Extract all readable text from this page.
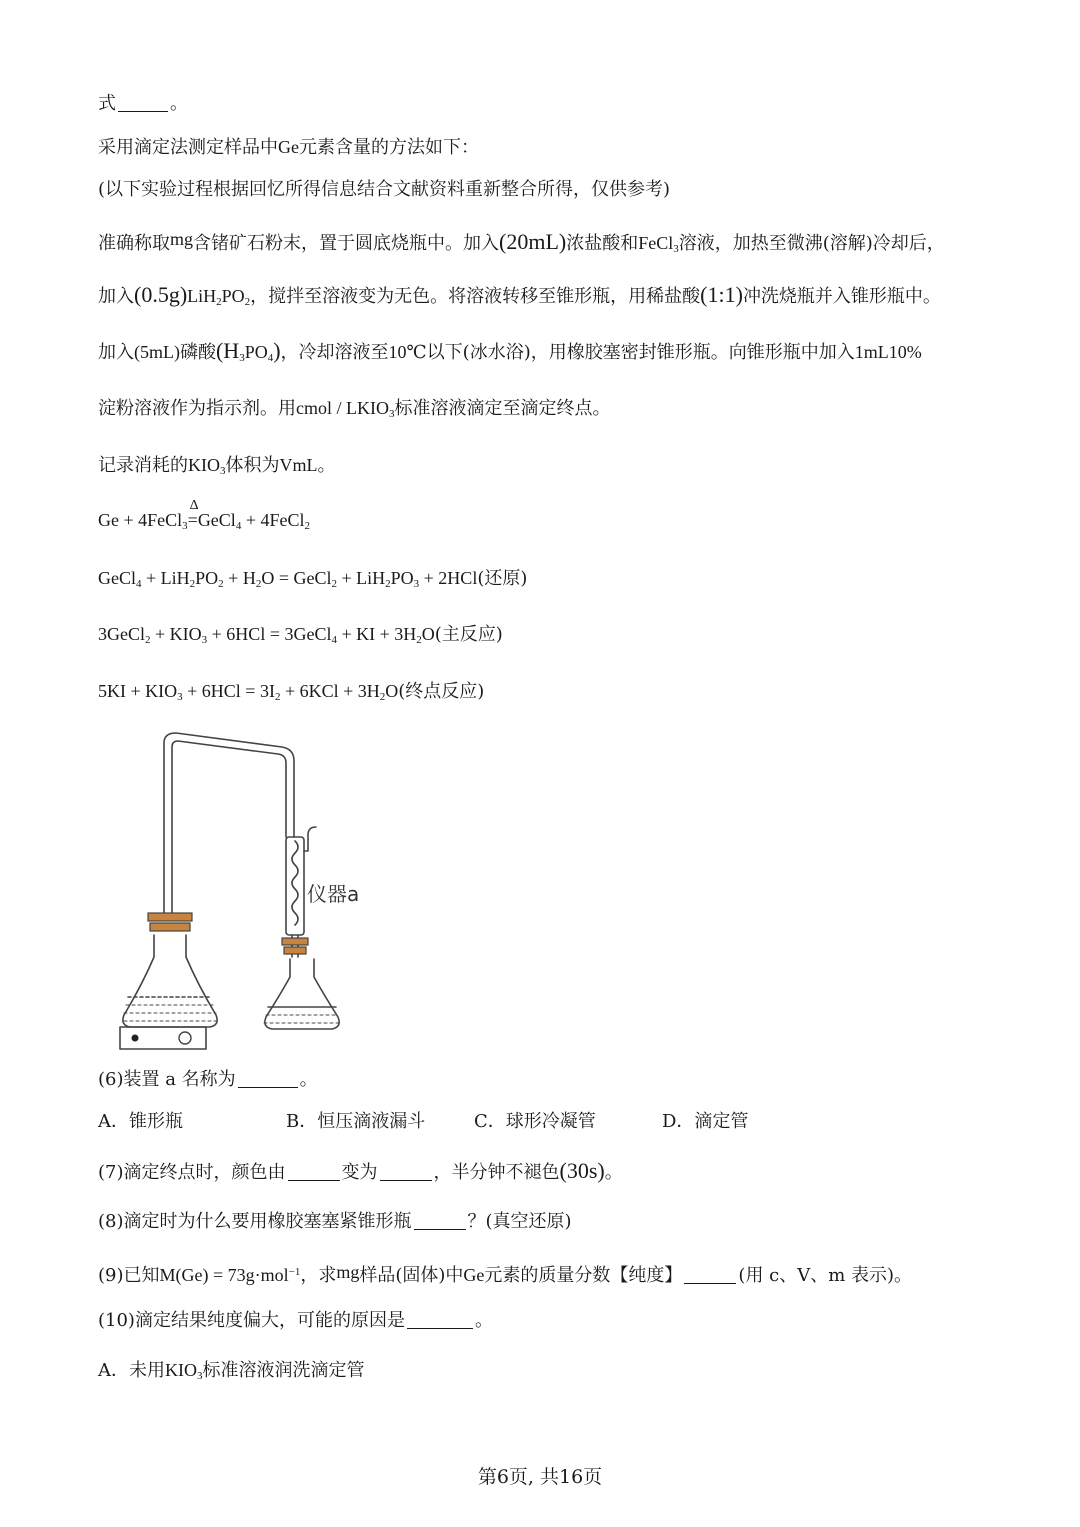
式	。
采用滴定法测定样品中Ge元素含量的方法如下：
(以下实验过程根据回忆所得信息结合文献资料重新整合所得，仅供参考)
准确称取mg含锗矿石粉末，置于圆底烧瓶中。加入(20mL)浓盐酸和FeCl$_3$溶液，加热至微沸(溶解)冷却后，
加入$(0.5g)LiH_2PO_2$，搅拌至溶液变为无色。将溶液转移至锥形瓶，用稀盐酸(1:1)冲洗烧瓶并入锥形瓶中。
加入(5mL)磷酸$(H_3PO_4)$，冷却溶液至10℃以下(冰水浴)，用橡胶塞密封锥形瓶。向锥形瓶中加入1mL10%
淀粉溶液作为指示剂。用cmol / $LKIO_3$标准溶液滴定至滴定终点。
记录消耗的$KIO_3$体积为VmL。
Ge + 4FeCl$_3$
Δ
=GeCl$_4$ + 4FeCl$_2$
GeCl$_4$ + $LiH_2PO_2 + H_2O$ = GeCl$_2$ + $LiH_2PO_3 + 2HCl$(还原)
3GeCl$_2$ + $KIO_3 + 6HCl$ = 3GeCl$_4$ + KI + $3H_2O$(主反应)
$5KI + KIO_3 + 6HCl = 3I_2 + 6KCl + 3H_2O$(终点反应)
仪器a
(6)装置 a 名称为	。
A．锥形瓶	B．恒压滴液漏斗	C．球形冷凝管	D．滴定管
(7)滴定终点时，颜色由	变为	，半分钟不褪色(30s)。
(8)滴定时为什么要用橡胶塞塞紧锥形瓶	？(真空还原)
(9)已知M(Ge) = 73g·mol$^{-1}$，求mg样品(固体)中Ge元素的质量分数【纯度】	(用 c、V、m 表示)。
(10)滴定结果纯度偏大，可能的原因是	。
A．未用$KIO_3$标准溶液润洗滴定管
第6页, 共16页
